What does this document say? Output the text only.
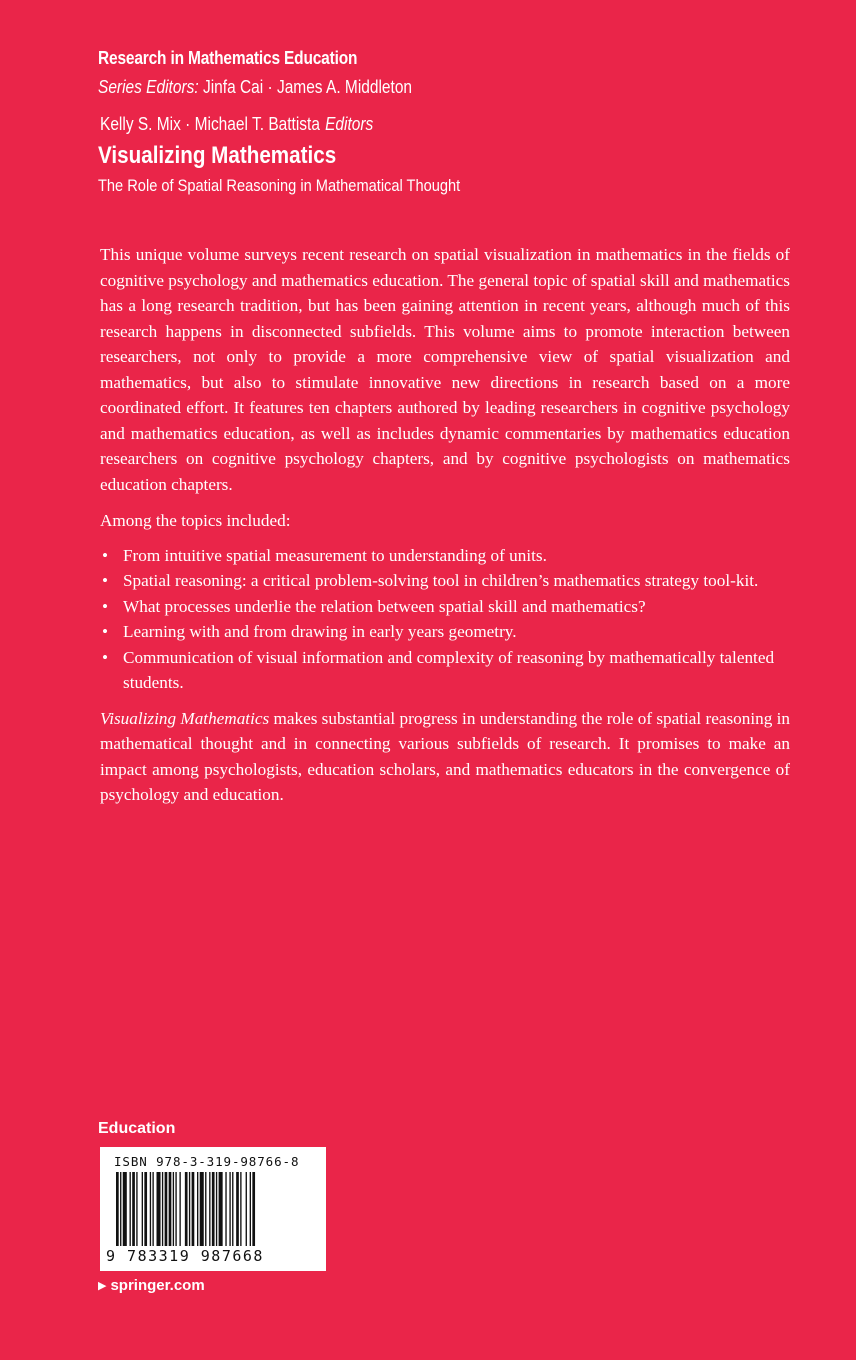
Research in Mathematics Education
Series Editors: Jinfa Cai · James A. Middleton
Kelly S. Mix · Michael T. Battista Editors
Visualizing Mathematics
The Role of Spatial Reasoning in Mathematical Thought

This unique volume surveys recent research on spatial visualization in mathematics in the fields of cognitive psychology and mathematics education. The general topic of spatial skill and mathematics has a long research tradition, but has been gaining attention in recent years, although much of this research happens in disconnected subfields. This volume aims to promote interaction between researchers, not only to provide a more comprehensive view of spatial visualization and mathematics, but also to stimulate innovative new directions in research based on a more coordinated effort. It features ten chapters authored by leading researchers in cognitive psychology and mathematics education, as well as includes dynamic commentaries by mathematics education researchers on cognitive psychology chapters, and by cognitive psychologists on mathematics education chapters.

Among the topics included:

• From intuitive spatial measurement to understanding of units.
• Spatial reasoning: a critical problem-solving tool in children’s mathematics strategy tool-kit.
• What processes underlie the relation between spatial skill and mathematics?
• Learning with and from drawing in early years geometry.
• Communication of visual information and complexity of reasoning by mathematically talented students.

Visualizing Mathematics makes substantial progress in understanding the role of spatial reasoning in mathematical thought and in connecting various subfields of research. It promises to make an impact among psychologists, education scholars, and mathematics educators in the convergence of psychology and education.

Education
ISBN 978-3-319-98766-8
9 783319 987668
▶ springer.com
